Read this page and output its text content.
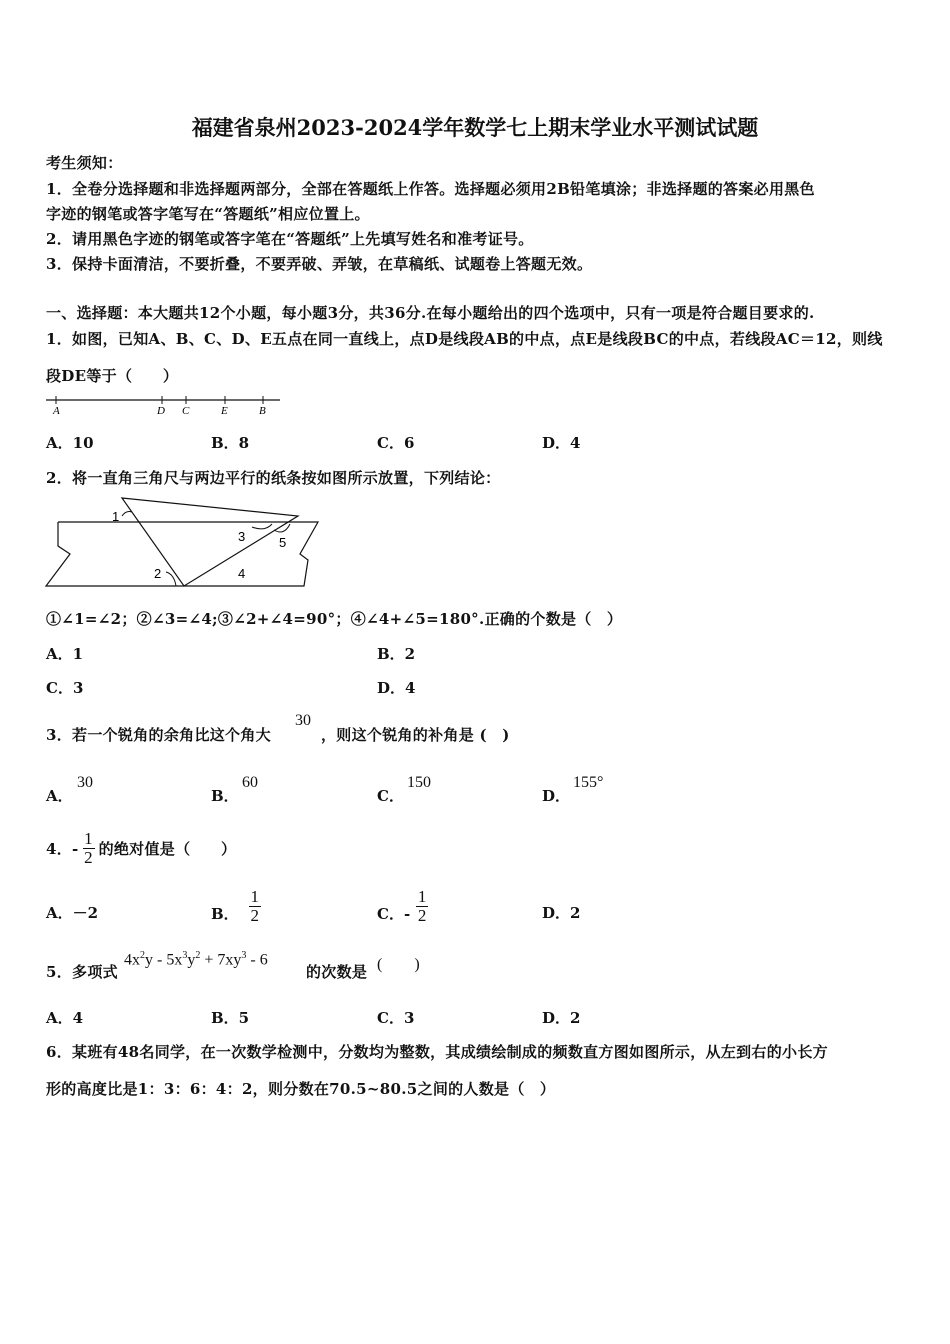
福建省泉州2023-2024学年数学七上期末学业水平测试试题
考生须知：
1．全卷分选择题和非选择题两部分，全部在答题纸上作答。选择题必须用2B铅笔填涂；非选择题的答案必用黑色
字迹的钢笔或答字笔写在“答题纸”相应位置上。
2．请用黑色字迹的钢笔或答字笔在“答题纸”上先填写姓名和准考证号。
3．保持卡面清洁，不要折叠，不要弄破、弄皱，在草稿纸、试题卷上答题无效。
一、选择题：本大题共12个小题，每小题3分，共36分.在每小题给出的四个选项中，只有一项是符合题目要求的.
1．如图，已知A、B、C、D、E五点在同一直线上，点D是线段AB的中点，点E是线段BC的中点，若线段AC＝12，则线
段DE等于（　　）
A	D C	E	B
A．10	B．8	C．6	D．4
2．将一直角三角尺与两边平行的纸条按如图所示放置，下列结论：
1
2
3
4
5
①∠1=∠2；②∠3=∠4;③∠2+∠4=90°；④∠4+∠5=180°.正确的个数是（　）
A．1	B．2
C．3	D．4
3．若一个锐角的余角比这个角大
30
，则这个锐角的补角是 (　)
A．
30
B．
60
C．
150
D．
155°
4．- $\frac{1}{2}$ 的绝对值是（　　）
A．－2	B． $\frac{1}{2}$	C．- $\frac{1}{2}$	D．2
5．多项式
$4x^2y - 5x^3y^2 + 7xy^3 - 6$
的次数是 (　　)
A．4	B．5	C．3	D．2
6．某班有48名同学，在一次数学检测中，分数均为整数，其成绩绘制成的频数直方图如图所示，从左到右的小长方
形的高度比是1：3：6：4：2，则分数在70.5~80.5之间的人数是（　）
